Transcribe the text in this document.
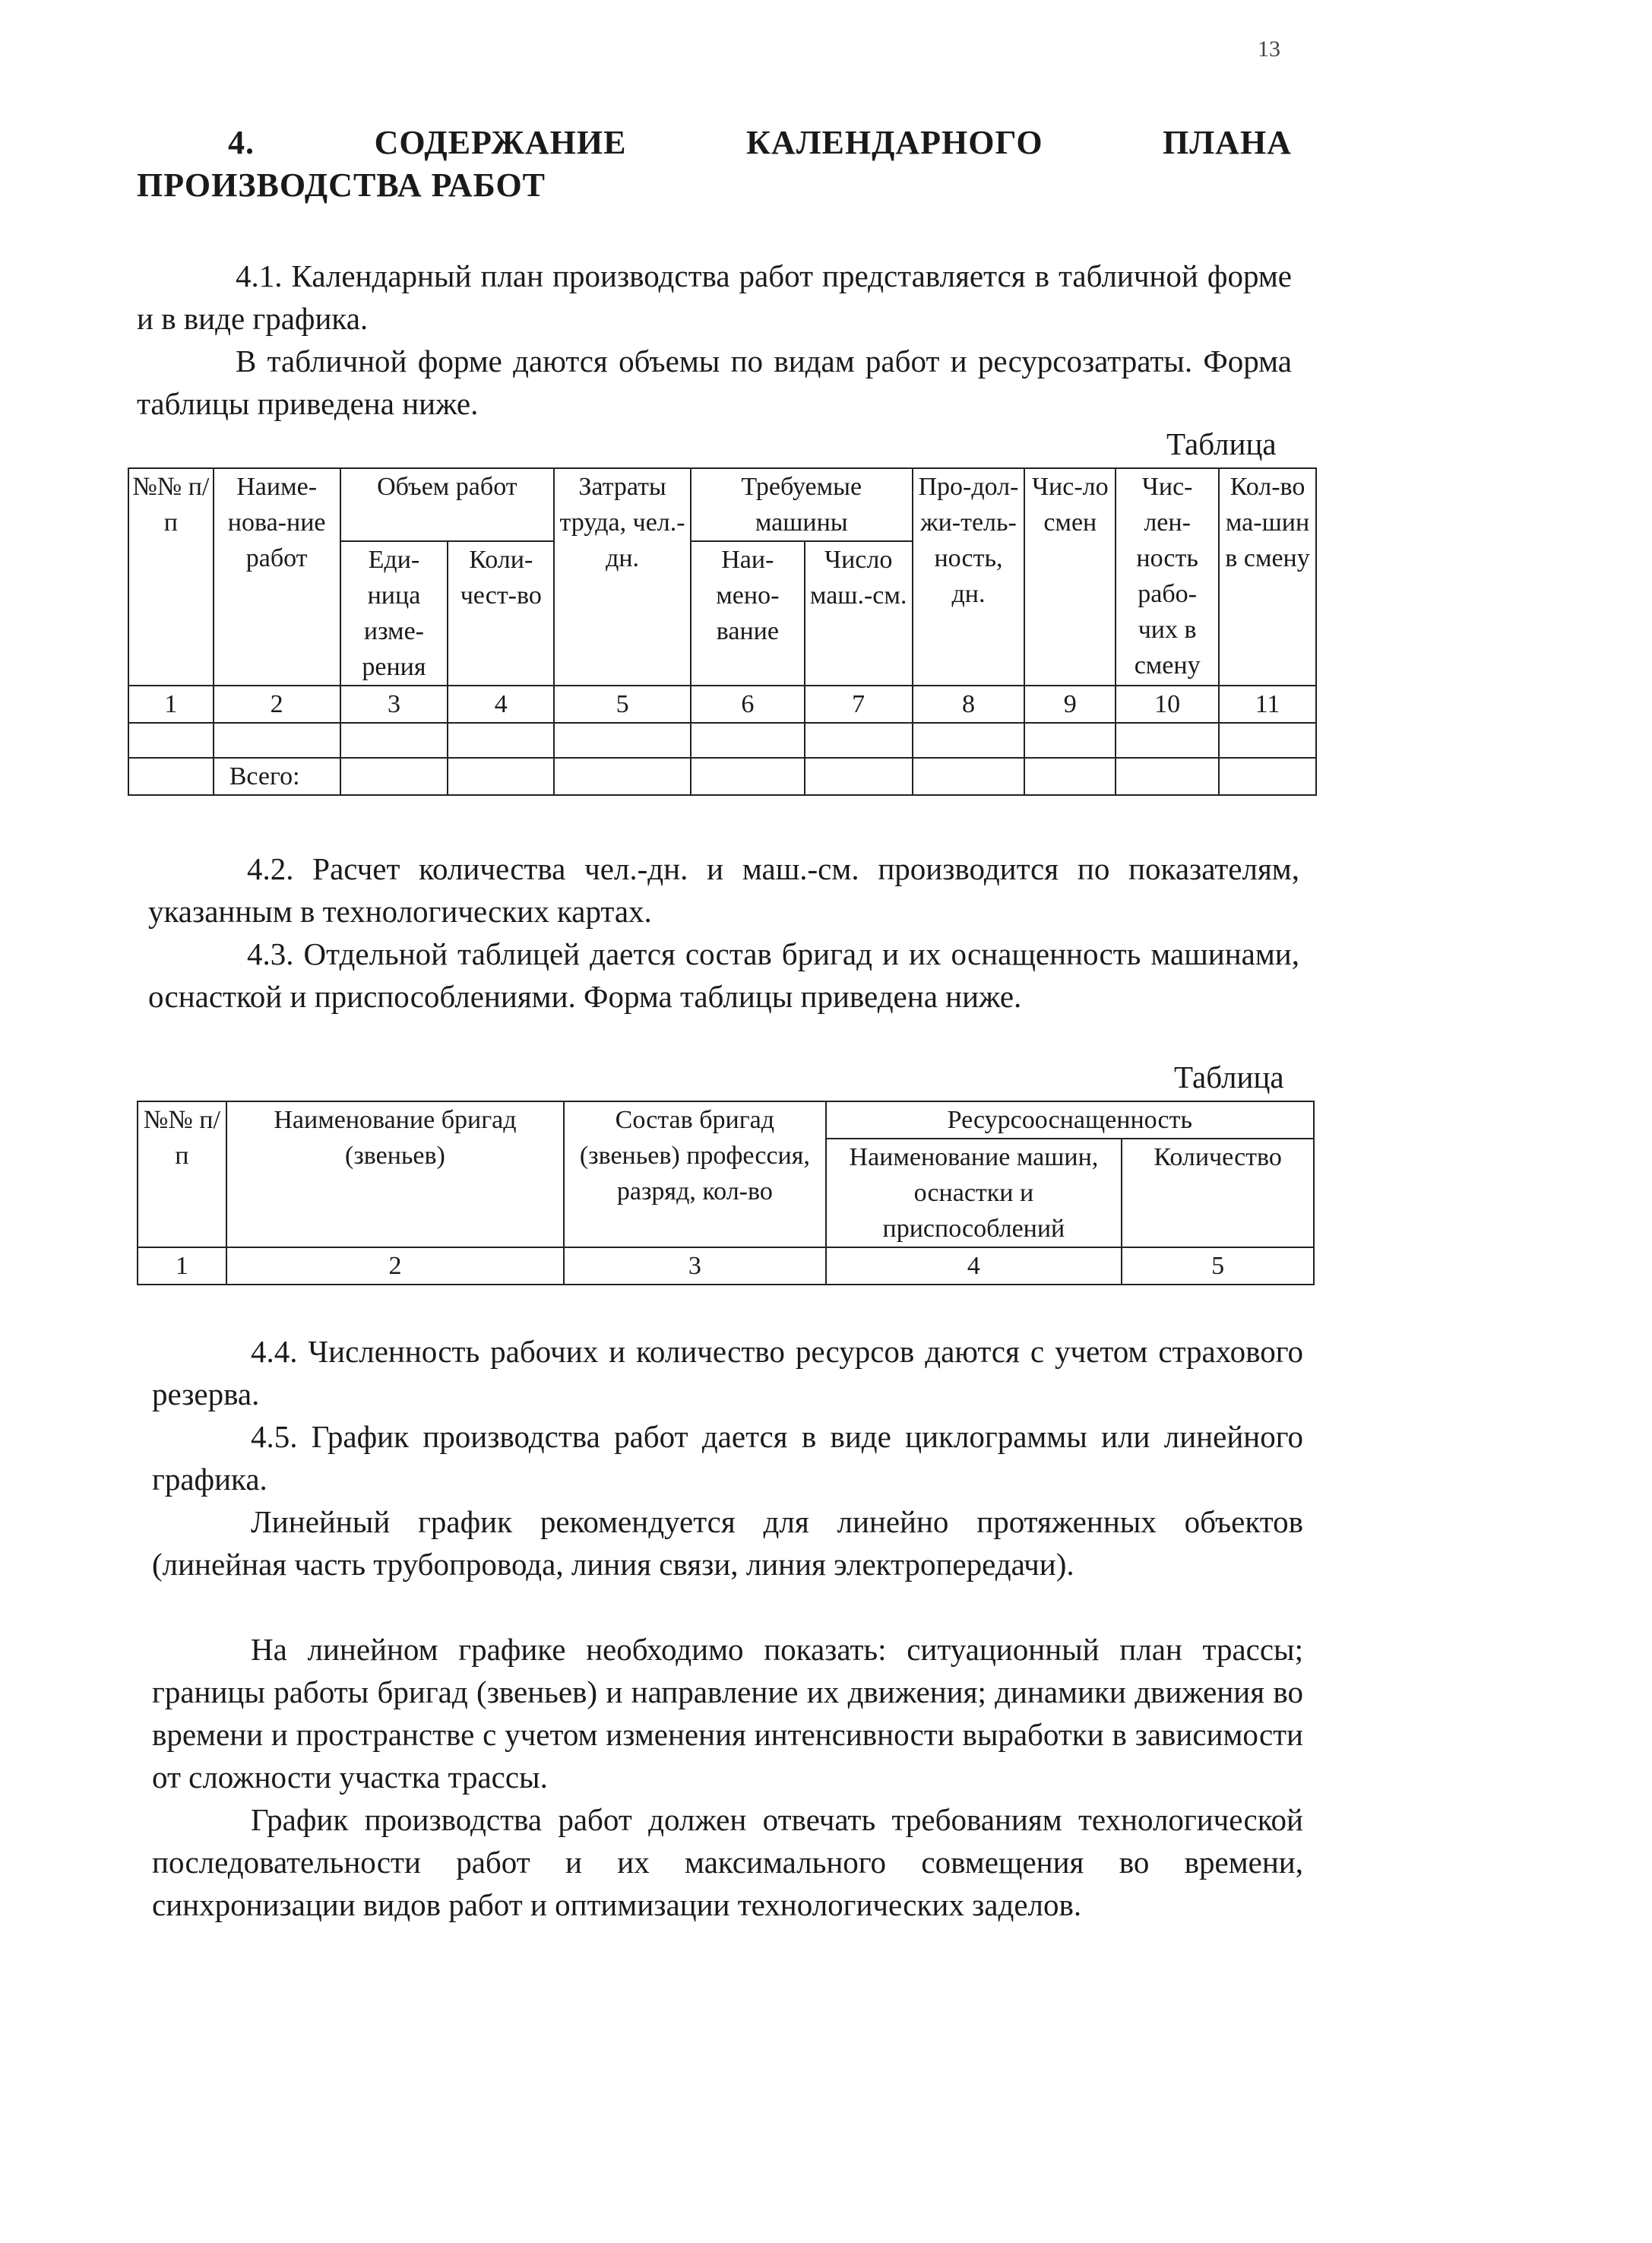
13
4.	СОДЕРЖАНИЕ	КАЛЕНДАРНОГО	ПЛАНА
ПРОИЗВОДСТВА РАБОТ
4.1. Календарный план производства работ представляется в табличной форме и в виде графика.
В табличной форме даются объемы по видам работ и ресурсозатраты. Форма таблицы приведена ниже.
Таблица
№№ п/п	Наиме-нова-ние работ	Объем работ		Затраты труда, чел.-дн.	Требуемые машины		Про-дол-жи-тель-ность, дн.	Чис-ло смен	Чис-лен-ность рабо-чих в смену	Кол-во ма-шин в смену
		Еди-ница изме-рения	Коли-чест-во		Наи-мено-вание	Число маш.-см.				
1	2	3	4	5	6	7	8	9	10	11

	Всего:									
4.2. Расчет количества чел.-дн. и маш.-см. производится по показателям, указанным в технологических картах.
4.3. Отдельной таблицей дается состав бригад и их оснащенность машинами, оснасткой и приспособлениями. Форма таблицы приведена ниже.
Таблица
№№ п/п	Наименование бригад (звеньев)	Состав бригад (звеньев) профессия, разряд, кол-во	Ресурсооснащенность	
			Наименование машин, оснастки и приспособлений	Количество
1	2	3	4	5
4.4. Численность рабочих и количество ресурсов даются с учетом страхового резерва.
4.5. График производства работ дается в виде циклограммы или линейного графика.
Линейный график рекомендуется для линейно протяженных объектов (линейная часть трубопровода, линия связи, линия электропередачи).
На линейном графике необходимо показать: ситуационный план трассы; границы работы бригад (звеньев) и направление их движения; динамики движения во времени и пространстве с учетом изменения интенсивности выработки в зависимости от сложности участка трассы.
График производства работ должен отвечать требованиям технологической последовательности работ и их максимального совмещения во времени, синхронизации видов работ и оптимизации технологических заделов.
